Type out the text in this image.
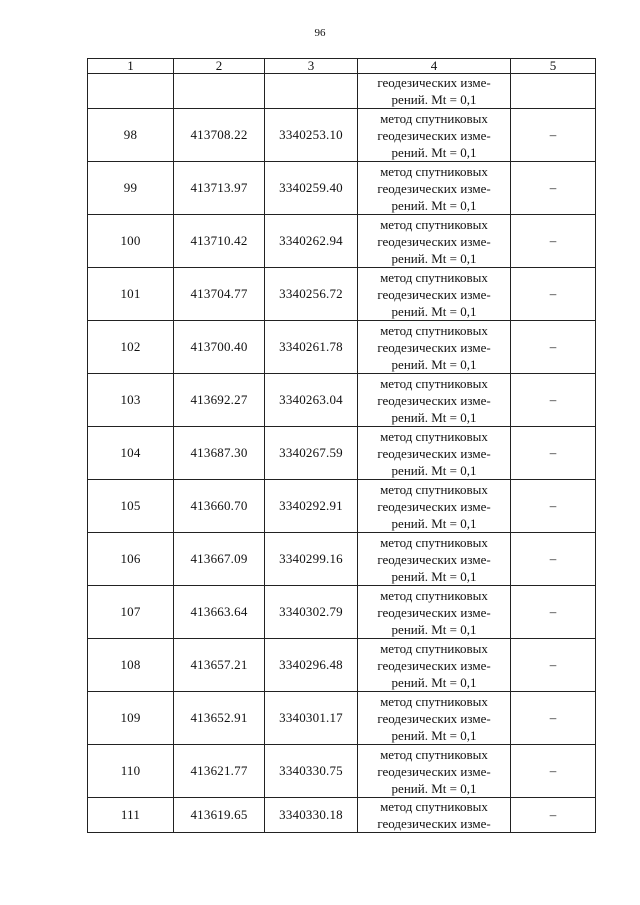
96
1	2	3	4	5

			геодезических изме-
рений. Mt = 0,1	

98	413708.22	3340253.10	метод спутниковых
геодезических изме-
рений. Mt = 0,1	–
99	413713.97	3340259.40	метод спутниковых
геодезических изме-
рений. Mt = 0,1	–
100	413710.42	3340262.94	метод спутниковых
геодезических изме-
рений. Mt = 0,1	–
101	413704.77	3340256.72	метод спутниковых
геодезических изме-
рений. Mt = 0,1	–
102	413700.40	3340261.78	метод спутниковых
геодезических изме-
рений. Mt = 0,1	–
103	413692.27	3340263.04	метод спутниковых
геодезических изме-
рений. Mt = 0,1	–
104	413687.30	3340267.59	метод спутниковых
геодезических изме-
рений. Mt = 0,1	–
105	413660.70	3340292.91	метод спутниковых
геодезических изме-
рений. Mt = 0,1	–
106	413667.09	3340299.16	метод спутниковых
геодезических изме-
рений. Mt = 0,1	–
107	413663.64	3340302.79	метод спутниковых
геодезических изме-
рений. Mt = 0,1	–
108	413657.21	3340296.48	метод спутниковых
геодезических изме-
рений. Mt = 0,1	–
109	413652.91	3340301.17	метод спутниковых
геодезических изме-
рений. Mt = 0,1	–
110	413621.77	3340330.75	метод спутниковых
геодезических изме-
рений. Mt = 0,1	–
111	413619.65	3340330.18	метод спутниковых
геодезических изме-	–
